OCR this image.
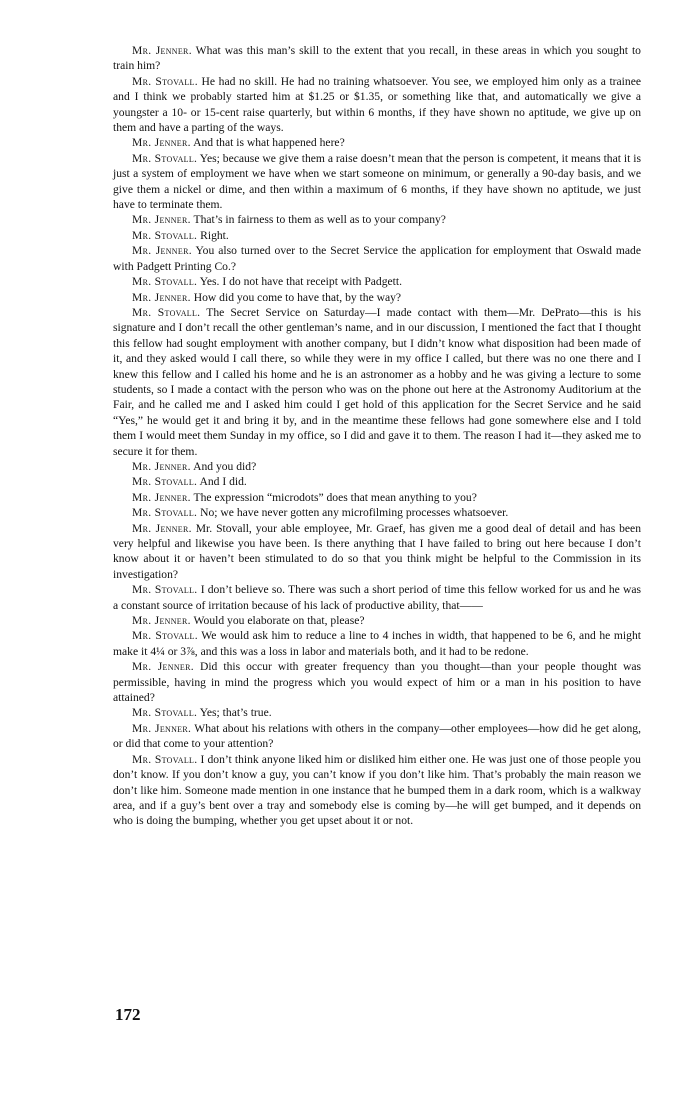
Mr. Jenner. What was this man’s skill to the extent that you recall, in these areas in which you sought to train him?

Mr. Stovall. He had no skill. He had no training whatsoever. You see, we employed him only as a trainee and I think we probably started him at $1.25 or $1.35, or something like that, and automatically we give a youngster a 10- or 15-cent raise quarterly, but within 6 months, if they have shown no aptitude, we give up on them and have a parting of the ways.

Mr. Jenner. And that is what happened here?

Mr. Stovall. Yes; because we give them a raise doesn’t mean that the person is competent, it means that it is just a system of employment we have when we start someone on minimum, or generally a 90-day basis, and we give them a nickel or dime, and then within a maximum of 6 months, if they have shown no aptitude, we just have to terminate them.

Mr. Jenner. That’s in fairness to them as well as to your company?

Mr. Stovall. Right.

Mr. Jenner. You also turned over to the Secret Service the application for employment that Oswald made with Padgett Printing Co.?

Mr. Stovall. Yes. I do not have that receipt with Padgett.

Mr. Jenner. How did you come to have that, by the way?

Mr. Stovall. The Secret Service on Saturday—I made contact with them—Mr. DePrato—this is his signature and I don’t recall the other gentleman’s name, and in our discussion, I mentioned the fact that I thought this fellow had sought employment with another company, but I didn’t know what disposition had been made of it, and they asked would I call there, so while they were in my office I called, but there was no one there and I knew this fellow and I called his home and he is an astronomer as a hobby and he was giving a lecture to some students, so I made a contact with the person who was on the phone out here at the Astronomy Auditorium at the Fair, and he called me and I asked him could I get hold of this application for the Secret Service and he said “Yes,” he would get it and bring it by, and in the meantime these fellows had gone somewhere else and I told them I would meet them Sunday in my office, so I did and gave it to them. The reason I had it—they asked me to secure it for them.

Mr. Jenner. And you did?

Mr. Stovall. And I did.

Mr. Jenner. The expression “microdots” does that mean anything to you?

Mr. Stovall. No; we have never gotten any microfilming processes whatsoever.

Mr. Jenner. Mr. Stovall, your able employee, Mr. Graef, has given me a good deal of detail and has been very helpful and likewise you have been. Is there anything that I have failed to bring out here because I don’t know about it or haven’t been stimulated to do so that you think might be helpful to the Commission in its investigation?

Mr. Stovall. I don’t believe so. There was such a short period of time this fellow worked for us and he was a constant source of irritation because of his lack of productive ability, that——

Mr. Jenner. Would you elaborate on that, please?

Mr. Stovall. We would ask him to reduce a line to 4 inches in width, that happened to be 6, and he might make it 4¼ or 3⅞, and this was a loss in labor and materials both, and it had to be redone.

Mr. Jenner. Did this occur with greater frequency than you thought—than your people thought was permissible, having in mind the progress which you would expect of him or a man in his position to have attained?

Mr. Stovall. Yes; that’s true.

Mr. Jenner. What about his relations with others in the company—other employees—how did he get along, or did that come to your attention?

Mr. Stovall. I don’t think anyone liked him or disliked him either one. He was just one of those people you don’t know. If you don’t know a guy, you can’t know if you don’t like him. That’s probably the main reason we don’t like him. Someone made mention in one instance that he bumped them in a dark room, which is a walkway area, and if a guy’s bent over a tray and somebody else is coming by—he will get bumped, and it depends on who is doing the bumping, whether you get upset about it or not.

172
